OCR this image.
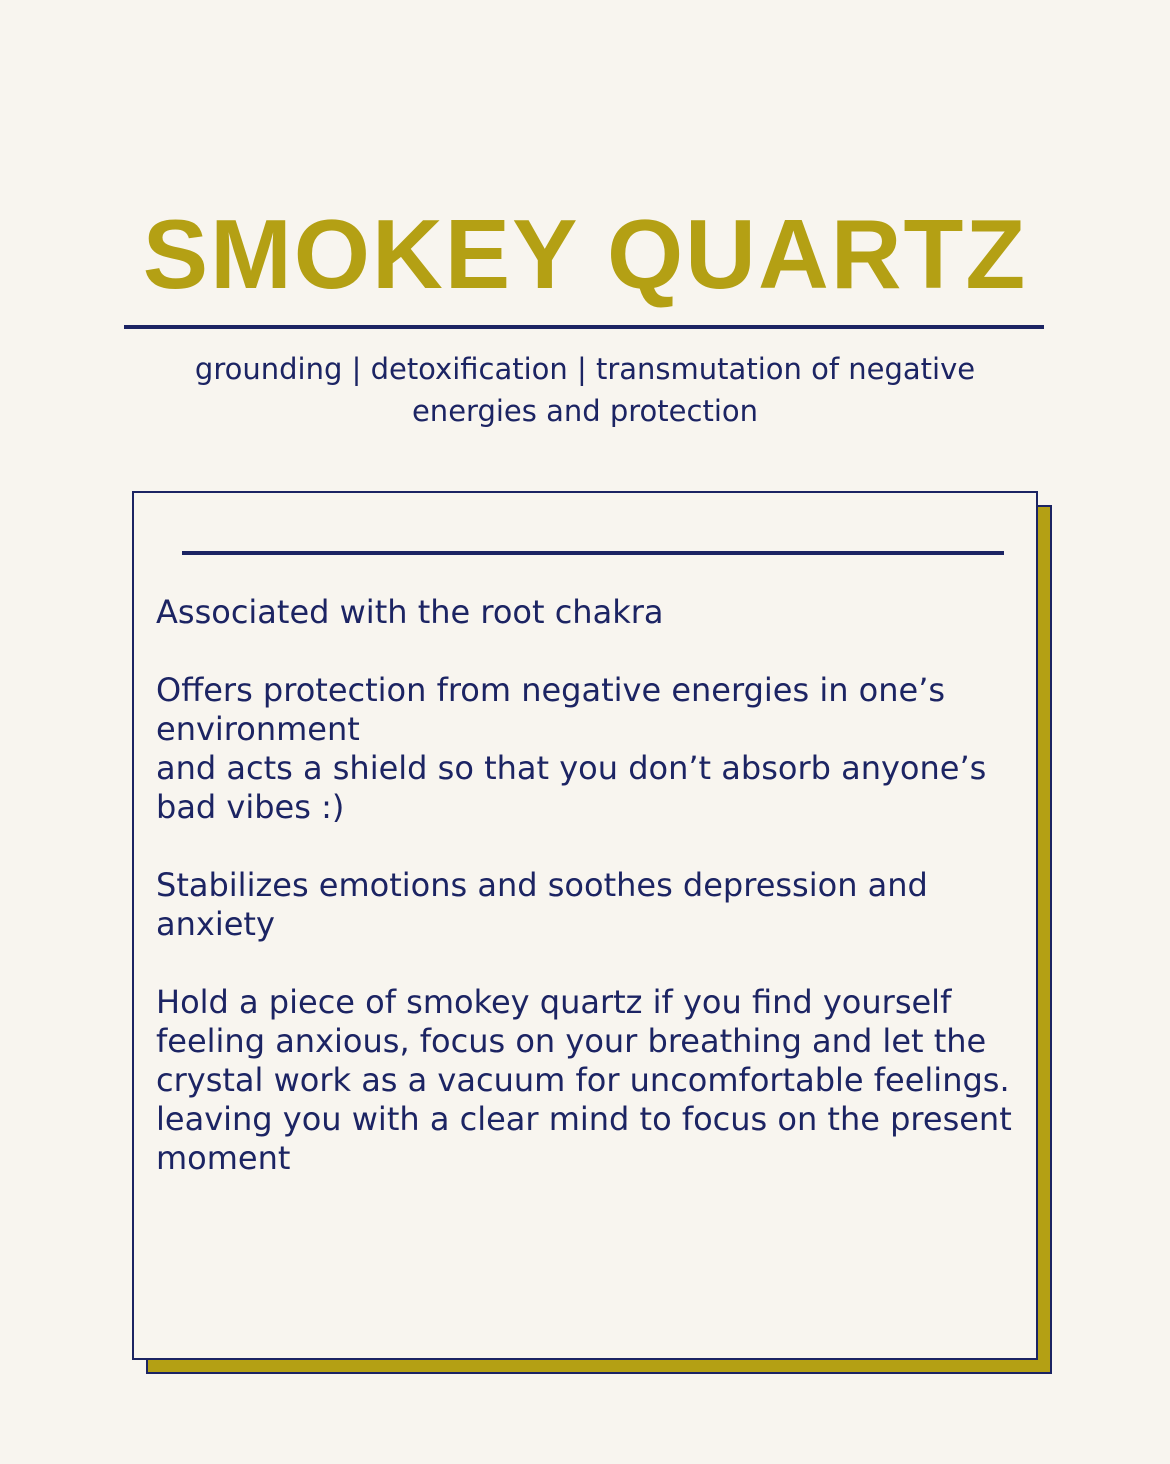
SMOKEY QUARTZ
grounding | detoxification | transmutation of negative
energies and protection
Associated with the root chakra
Offers protection from negative energies in one’s
environment
and acts a shield so that you don’t absorb anyone’s
bad vibes :)
Stabilizes emotions and soothes depression and
anxiety
Hold a piece of smokey quartz if you find yourself
feeling anxious, focus on your breathing and let the
crystal work as a vacuum for uncomfortable feelings.
leaving you with a clear mind to focus on the present
moment
